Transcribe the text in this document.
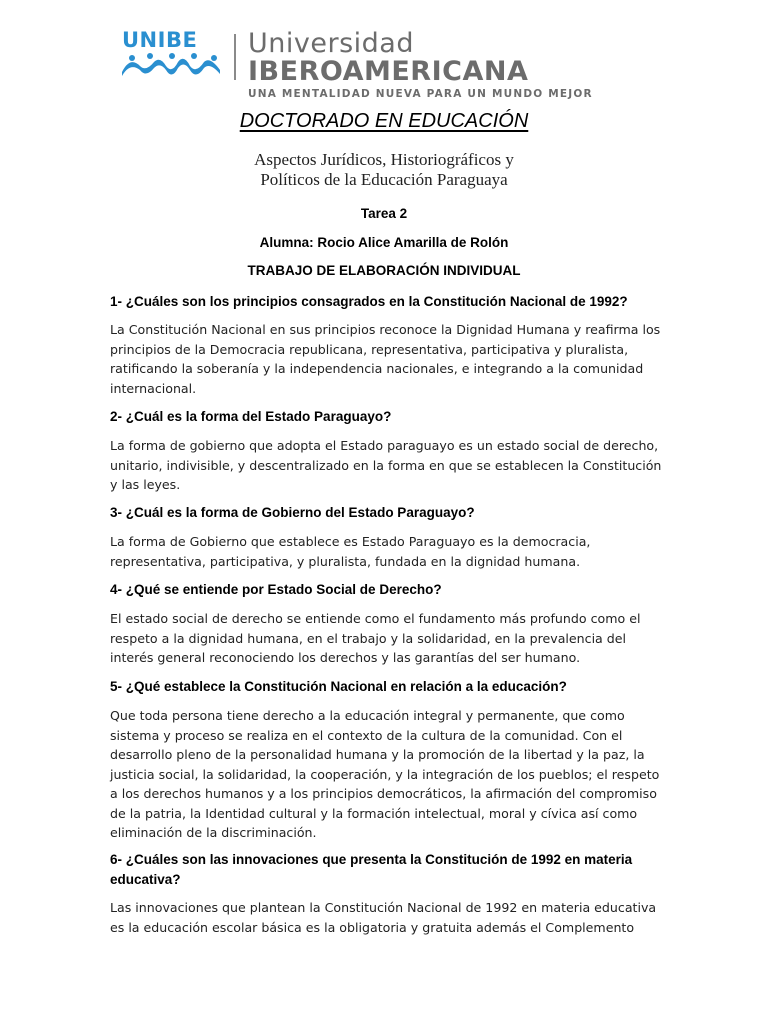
UNIBE Universidad
IBEROAMERICANA
UNA MENTALIDAD NUEVA PARA UN MUNDO MEJOR
DOCTORADO EN EDUCACIÓN
Aspectos Jurídicos, Historiográficos y
Políticos de la Educación Paraguaya
Tarea 2
Alumna: Rocio Alice Amarilla de Rolón
TRABAJO DE ELABORACIÓN INDIVIDUAL
1- ¿Cuáles son los principios consagrados en la Constitución Nacional de 1992?
La Constitución Nacional en sus principios reconoce la Dignidad Humana y reafirma los
principios de la Democracia republicana, representativa, participativa y pluralista,
ratificando la soberanía y la independencia nacionales, e integrando a la comunidad
internacional.
2- ¿Cuál es la forma del Estado Paraguayo?
La forma de gobierno que adopta el Estado paraguayo es un estado social de derecho,
unitario, indivisible, y descentralizado en la forma en que se establecen la Constitución
y las leyes.
3- ¿Cuál es la forma de Gobierno del Estado Paraguayo?
La forma de Gobierno que establece es Estado Paraguayo es la democracia,
representativa, participativa, y pluralista, fundada en la dignidad humana.
4- ¿Qué se entiende por Estado Social de Derecho?
El estado social de derecho se entiende como el fundamento más profundo como el
respeto a la dignidad humana, en el trabajo y la solidaridad, en la prevalencia del
interés general reconociendo los derechos y las garantías del ser humano.
5- ¿Qué establece la Constitución Nacional en relación a la educación?
Que toda persona tiene derecho a la educación integral y permanente, que como
sistema y proceso se realiza en el contexto de la cultura de la comunidad. Con el
desarrollo pleno de la personalidad humana y la promoción de la libertad y la paz, la
justicia social, la solidaridad, la cooperación, y la integración de los pueblos; el respeto
a los derechos humanos y a los principios democráticos, la afirmación del compromiso
de la patria, la Identidad cultural y la formación intelectual, moral y cívica así como
eliminación de la discriminación.
6- ¿Cuáles son las innovaciones que presenta la Constitución de 1992 en materia
educativa?
Las innovaciones que plantean la Constitución Nacional de 1992 en materia educativa
es la educación escolar básica es la obligatoria y gratuita además el Complemento
